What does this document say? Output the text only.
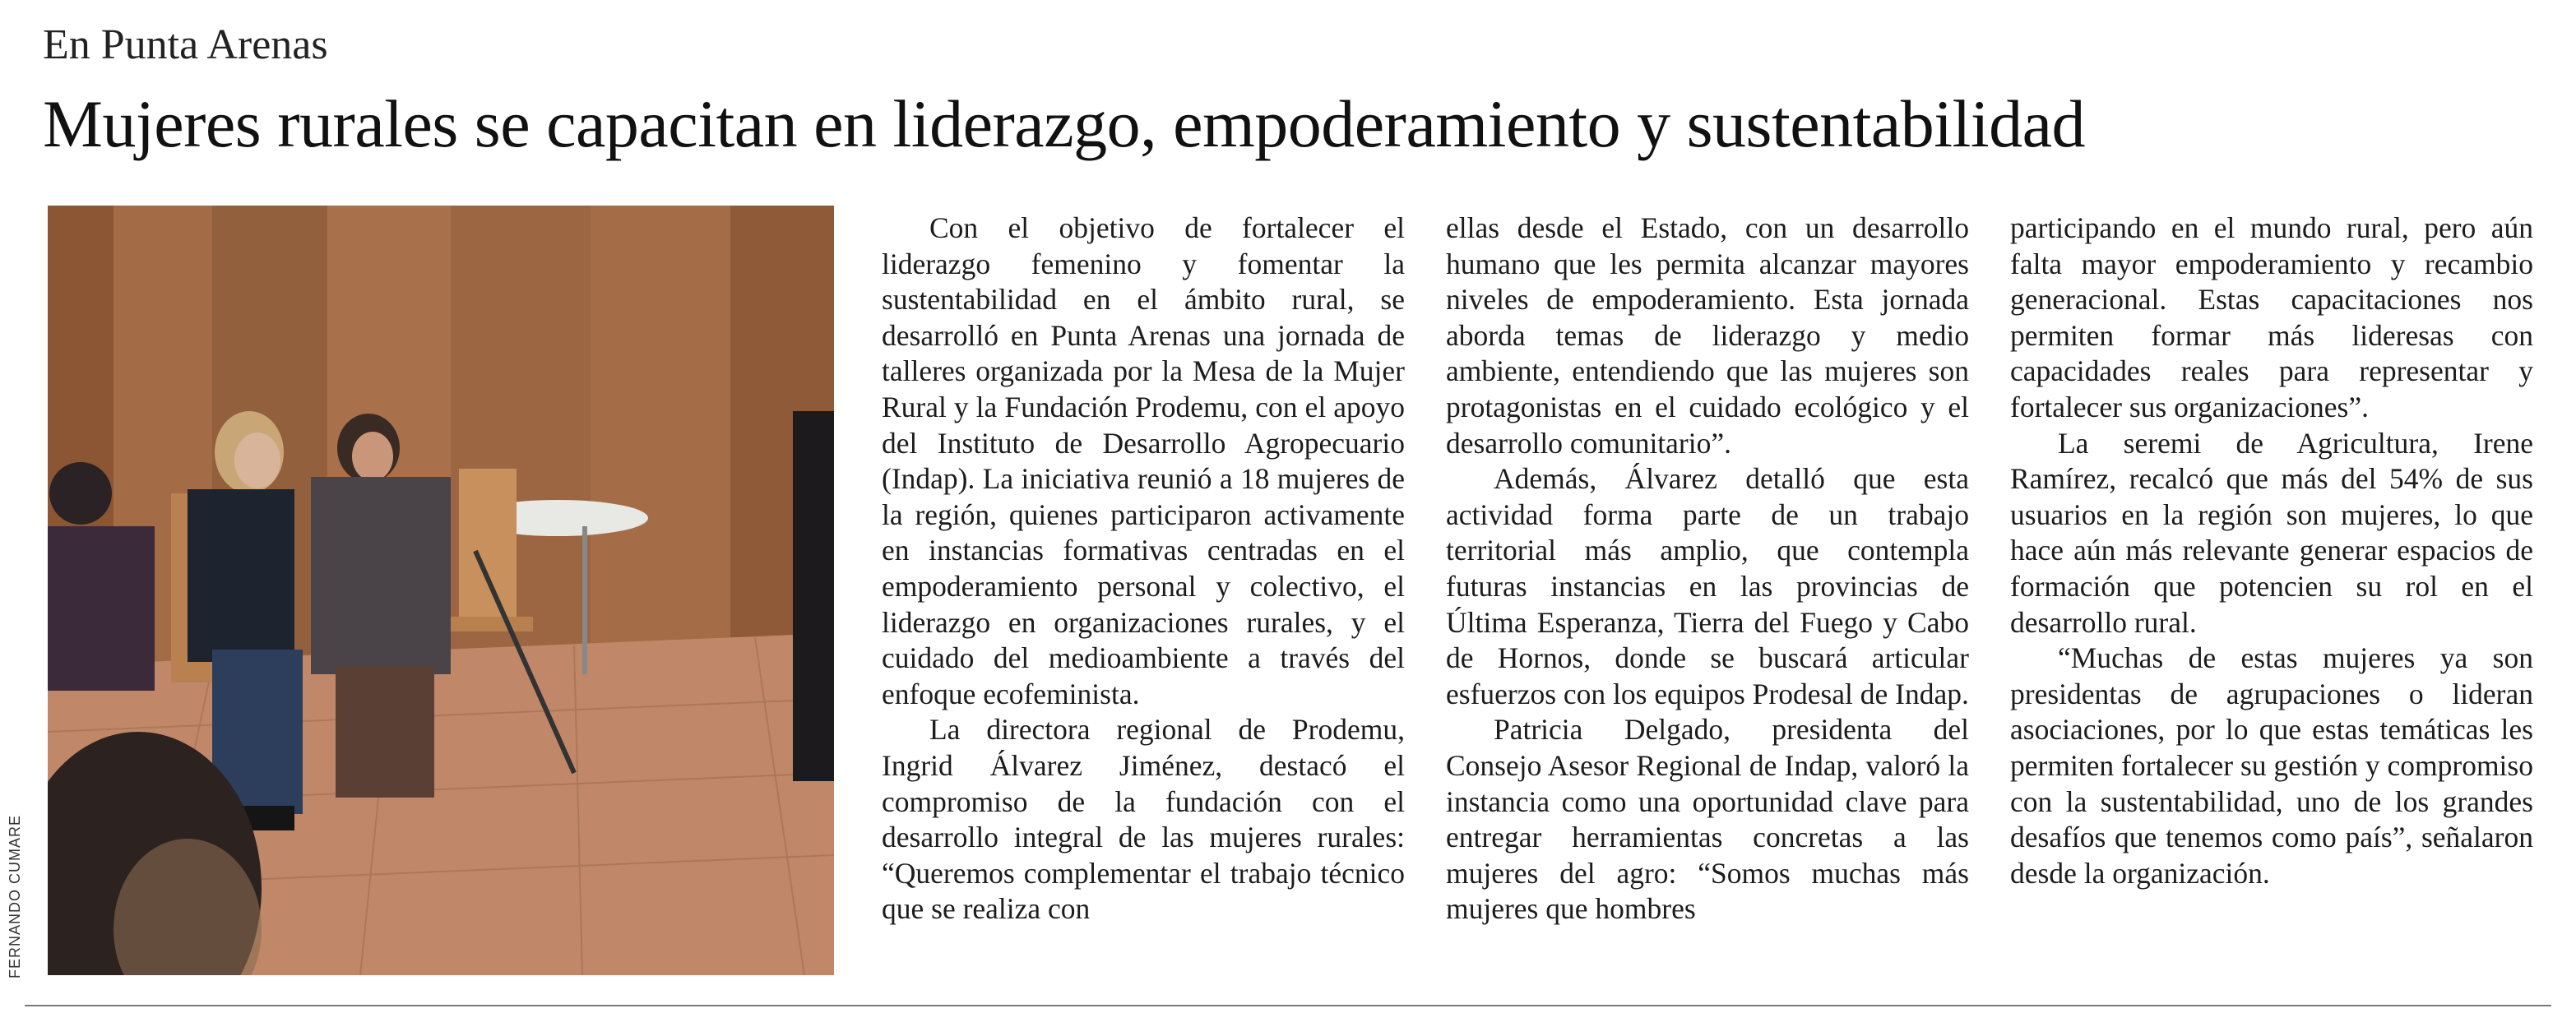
En Punta Arenas
Mujeres rurales se capacitan en liderazgo, empoderamiento y sustentabilidad
FERNANDO CUMARE

Con el objetivo de fortalecer el liderazgo femenino y fomentar la sustentabilidad en el ámbito rural, se desarrolló en Punta Arenas una jornada de talleres organizada por la Mesa de la Mujer Rural y la Fundación Prodemu, con el apoyo del Instituto de Desarrollo Agropecuario (Indap). La iniciativa reunió a 18 mujeres de la región, quienes participaron activamente en instancias formativas centradas en el empoderamiento personal y colectivo, el liderazgo en organizaciones rurales, y el cuidado del medioambiente a través del enfoque ecofeminista.

La directora regional de Prodemu, Ingrid Álvarez Jiménez, destacó el compromiso de la fundación con el desarrollo integral de las mujeres rurales: “Queremos complementar el trabajo técnico que se realiza con

ellas desde el Estado, con un desarrollo humano que les permita alcanzar mayores niveles de empoderamiento. Esta jornada aborda temas de liderazgo y medio ambiente, entendiendo que las mujeres son protagonistas en el cuidado ecológico y el desarrollo comunitario”.

Además, Álvarez detalló que esta actividad forma parte de un trabajo territorial más amplio, que contempla futuras instancias en las provincias de Última Esperanza, Tierra del Fuego y Cabo de Hornos, donde se buscará articular esfuerzos con los equipos Prodesal de Indap.

Patricia Delgado, presidenta del Consejo Asesor Regional de Indap, valoró la instancia como una oportunidad clave para entregar herramientas concretas a las mujeres del agro: “Somos muchas más mujeres que hombres

participando en el mundo rural, pero aún falta mayor empoderamiento y recambio generacional. Estas capacitaciones nos permiten formar más lideresas con capacidades reales para representar y fortalecer sus organizaciones”.

La seremi de Agricultura, Irene Ramírez, recalcó que más del 54% de sus usuarios en la región son mujeres, lo que hace aún más relevante generar espacios de formación que potencien su rol en el desarrollo rural.

“Muchas de estas mujeres ya son presidentas de agrupaciones o lideran asociaciones, por lo que estas temáticas les permiten fortalecer su gestión y compromiso con la sustentabilidad, uno de los grandes desafíos que tenemos como país”, señalaron desde la organización.
